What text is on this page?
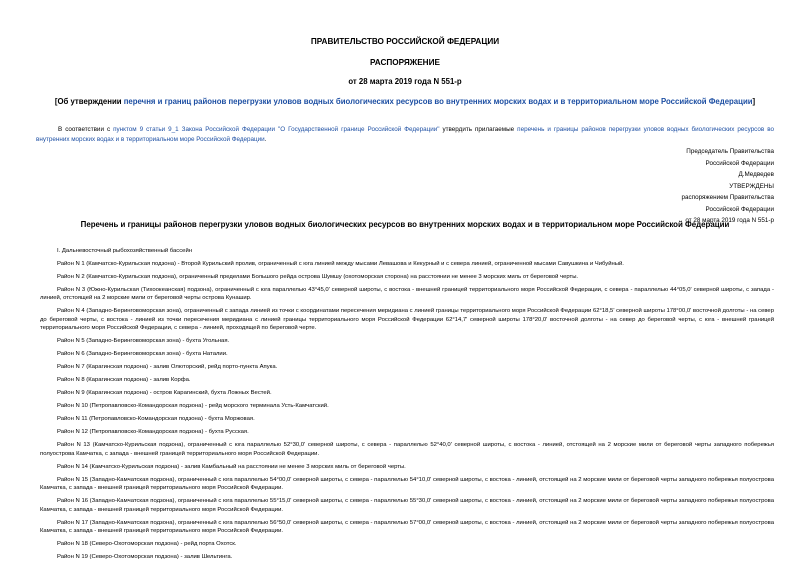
ПРАВИТЕЛЬСТВО РОССИЙСКОЙ ФЕДЕРАЦИИ
РАСПОРЯЖЕНИЕ
от 28 марта 2019 года N 551-р
[Об утверждении перечня и границ районов перегрузки уловов водных биологических ресурсов во внутренних морских водах и в территориальном море Российской Федерации]
В соответствии с пунктом 9 статьи 9_1 Закона Российской Федерации "О Государственной границе Российской Федерации" утвердить прилагаемые перечень и границы районов перегрузки уловов водных биологических ресурсов во внутренних морских водах и в территориальном море Российской Федерации.
Председатель Правительства
Российской Федерации
Д.Медведев
УТВЕРЖДЕНЫ
распоряжением Правительства
Российской Федерации
от 28 марта 2019 года N 551-р
Перечень и границы районов перегрузки уловов водных биологических ресурсов во внутренних морских водах и в территориальном море Российской Федерации
I. Дальневосточный рыбохозяйственный бассейн
Район N 1 (Камчатско-Курильская подзона) - Второй Курильский пролив, ограниченный с юга линией между мысами Левашова и Кекурный и с севера линией, ограниченной мысами Савушкина и Чибуйный.
Район N 2 (Камчатско-Курильская подзона), ограниченный пределами Большого рейда острова Шумшу (охотоморская сторона) на расстоянии не менее 3 морских миль от береговой черты.
Район N 3 (Южно-Курильская (Тихоокеанская) подзона), ограниченный с юга параллелью 43°45,0' северной широты, с востока - внешней границей территориального моря Российской Федерации, с севера - параллелью 44°05,0' северной широты, с запада - линией, отстоящей на 2 морские мили от береговой черты острова Кунашир.
Район N 4 (Западно-Беринговоморская зона), ограниченный с запада линией из точки с координатами пересечения меридиана с линией границы территориального моря Российской Федерации 62°18,5' северной широты 178°00,0' восточной долготы - на север до береговой черты, с востока - линией из точки пересечения меридиана с линией границы территориального моря Российской Федерации 62°14,7' северной широты 178°20,0' восточной долготы - на север до береговой черты, с юга - внешней границей территориального моря Российской Федерации, с севера - линией, проходящей по береговой черте.
Район N 5 (Западно-Беринговоморская зона) - бухта Угольная.
Район N 6 (Западно-Беринговоморская зона) - бухта Наталии.
Район N 7 (Карагинская подзона) - залив Олюторский, рейд порто-пункта Апука.
Район N 8 (Карагинская подзона) - залив Корфа.
Район N 9 (Карагинская подзона) - остров Карагинский, бухта Ложных Вестей.
Район N 10 (Петропавловско-Командорская подзона) - рейд морского терминала Усть-Камчатский.
Район N 11 (Петропавловско-Командорская подзона) - бухта Моржовая.
Район N 12 (Петропавловско-Командорская подзона) - бухта Русская.
Район N 13 (Камчатско-Курильская подзона), ограниченный с юга параллелью 52°30,0' северной широты, с севера - параллелью 52°40,0' северной широты, с востока - линией, отстоящей на 2 морские мили от береговой черты западного побережья полуострова Камчатка, с запада - внешней границей территориального моря Российской Федерации.
Район N 14 (Камчатско-Курильская подзона) - залив Камбальный на расстоянии не менее 3 морских миль от береговой черты.
Район N 15 (Западно-Камчатская подзона), ограниченный с юга параллелью 54°00,0' северной широты, с севера - параллелью 54°10,0' северной широты, с востока - линией, отстоящей на 2 морские мили от береговой черты западного побережья полуострова Камчатка, с запада - внешней границей территориального моря Российской Федерации.
Район N 16 (Западно-Камчатская подзона), ограниченный с юга параллелью 55°15,0' северной широты, с севера - параллелью 55°30,0' северной широты, с востока - линией, отстоящей на 2 морские мили от береговой черты западного побережья полуострова Камчатка, с запада - внешней границей территориального моря Российской Федерации.
Район N 17 (Западно-Камчатская подзона), ограниченный с юга параллелью 56°50,0' северной широты, с севера - параллелью 57°00,0' северной широты, с востока - линией, отстоящей на 2 морские мили от береговой черты западного побережья полуострова Камчатка, с запада - внешней границей территориального моря Российской Федерации.
Район N 18 (Северо-Охотоморская подзона) - рейд порта Охотск.
Район N 19 (Северо-Охотоморская подзона) - залив Шельтинга.
